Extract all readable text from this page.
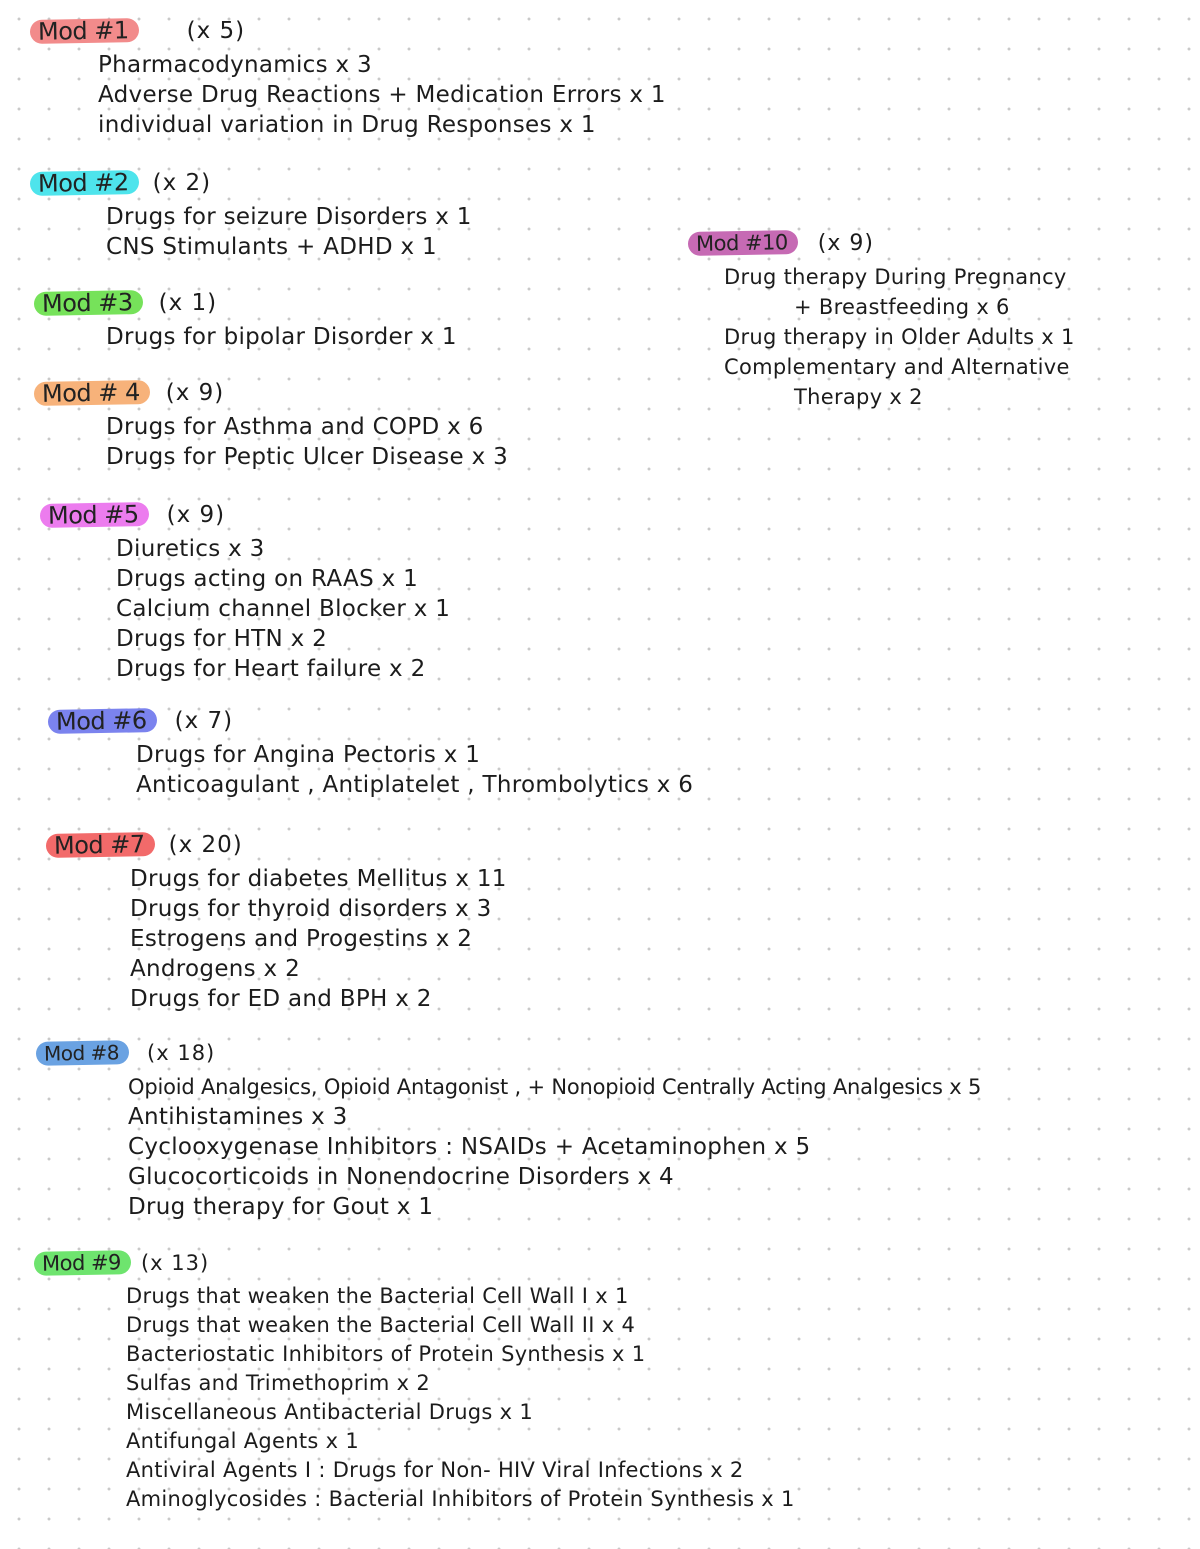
Mod #1	(x 5)
Pharmacodynamics x 3
Adverse Drug Reactions + Medication Errors x 1
individual variation in Drug Responses x 1
Mod #2	(x 2)
Drugs for seizure Disorders x 1
CNS Stimulants + ADHD x 1
Mod #3	(x 1)
Drugs for bipolar Disorder x 1
Mod # 4	(x 9)
Drugs for Asthma and COPD x 6
Drugs for Peptic Ulcer Disease x 3
Mod #5	(x 9)
Diuretics x 3
Drugs acting on RAAS x 1
Calcium channel Blocker x 1
Drugs for HTN x 2
Drugs for Heart failure x 2
Mod #6	(x 7)
Drugs for Angina Pectoris x 1
Anticoagulant , Antiplatelet , Thrombolytics x 6
Mod #7	(x 20)
Drugs for diabetes Mellitus x 11
Drugs for thyroid disorders x 3
Estrogens and Progestins x 2
Androgens x 2
Drugs for ED and BPH x 2
Mod #8	(x 18)
Opioid Analgesics, Opioid Antagonist , + Nonopioid Centrally Acting Analgesics x 5
Antihistamines x 3
Cyclooxygenase Inhibitors : NSAIDs + Acetaminophen x 5
Glucocorticoids in Nonendocrine Disorders x 4
Drug therapy for Gout x 1
Mod #9 (x 13)
Drugs that weaken the Bacterial Cell Wall I x 1
Drugs that weaken the Bacterial Cell Wall II x 4
Bacteriostatic Inhibitors of Protein Synthesis x 1
Sulfas and Trimethoprim x 2
Miscellaneous Antibacterial Drugs x 1
Antifungal Agents x 1
Antiviral Agents I : Drugs for Non- HIV Viral Infections x 2
Aminoglycosides : Bacterial Inhibitors of Protein Synthesis x 1
Mod #10	(x 9)
Drug therapy During Pregnancy
+ Breastfeeding x 6
Drug therapy in Older Adults x 1
Complementary and Alternative
Therapy x 2
